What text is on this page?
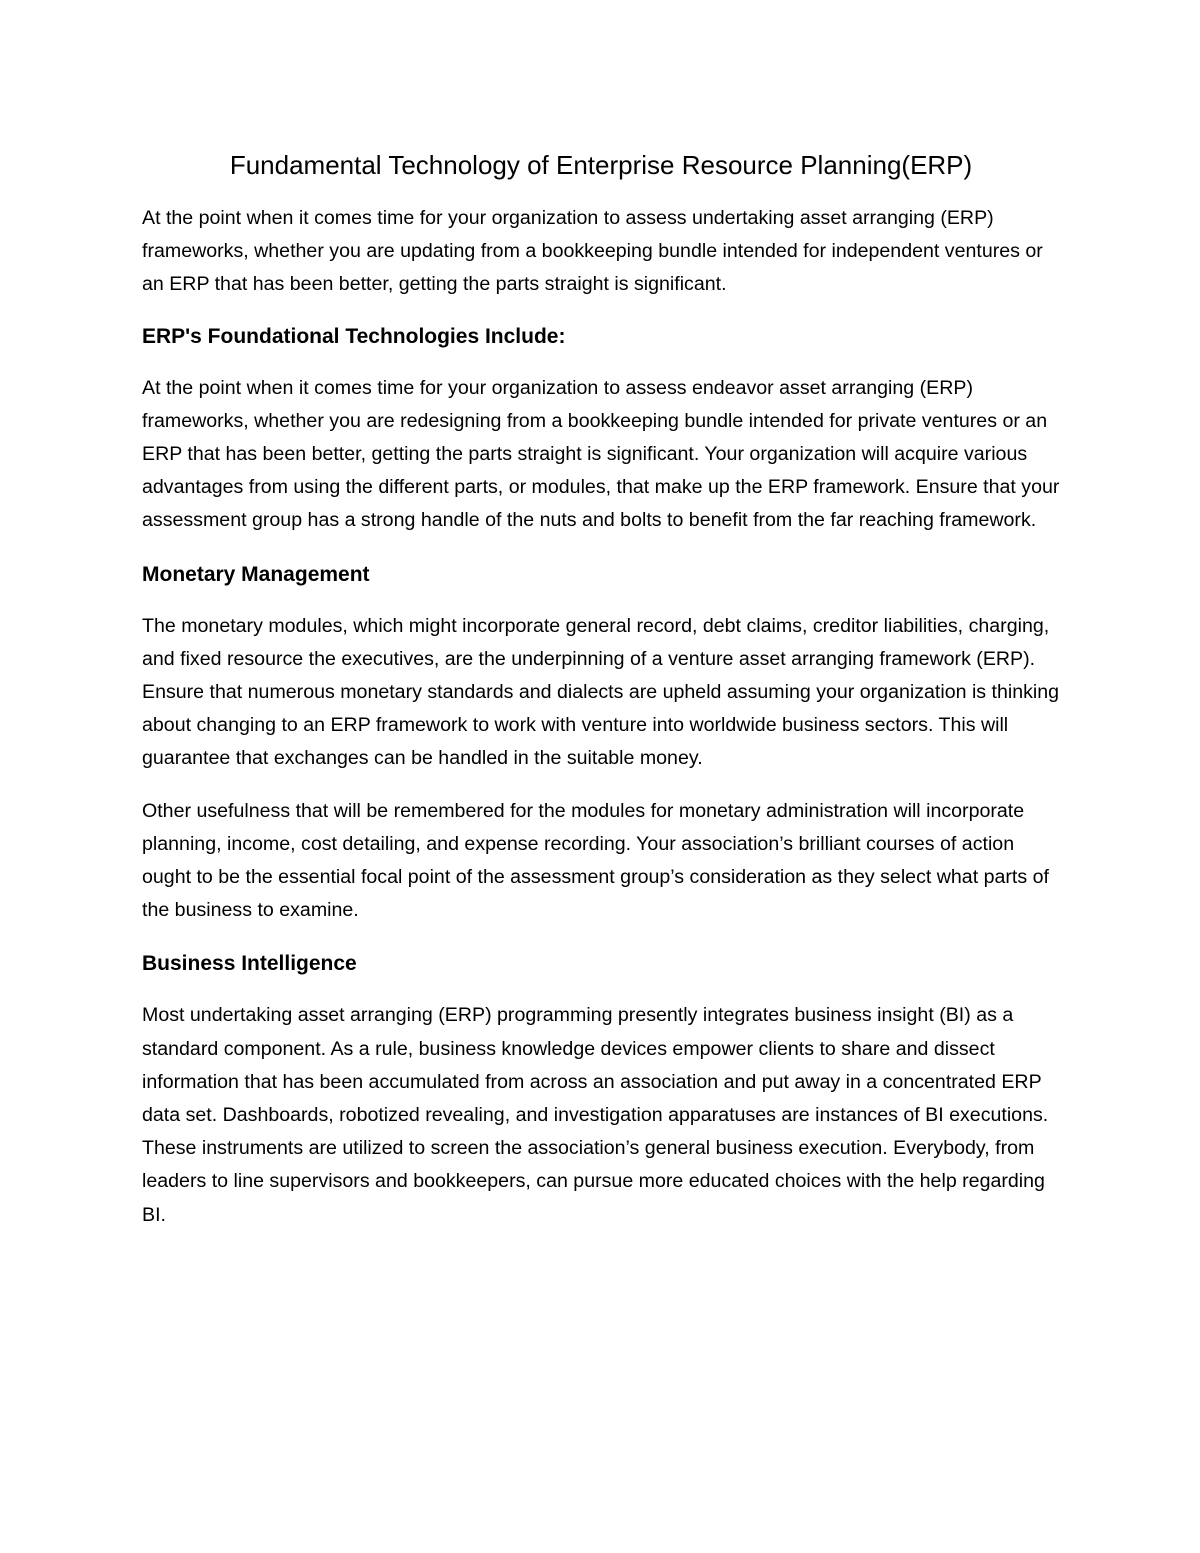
Fundamental Technology of Enterprise Resource Planning(ERP)

At the point when it comes time for your organization to assess undertaking asset arranging (ERP) frameworks, whether you are updating from a bookkeeping bundle intended for independent ventures or an ERP that has been better, getting the parts straight is significant.

ERP's Foundational Technologies Include:

At the point when it comes time for your organization to assess endeavor asset arranging (ERP) frameworks, whether you are redesigning from a bookkeeping bundle intended for private ventures or an ERP that has been better, getting the parts straight is significant. Your organization will acquire various advantages from using the different parts, or modules, that make up the ERP framework. Ensure that your assessment group has a strong handle of the nuts and bolts to benefit from the far reaching framework.

Monetary Management

The monetary modules, which might incorporate general record, debt claims, creditor liabilities, charging, and fixed resource the executives, are the underpinning of a venture asset arranging framework (ERP). Ensure that numerous monetary standards and dialects are upheld assuming your organization is thinking about changing to an ERP framework to work with venture into worldwide business sectors. This will guarantee that exchanges can be handled in the suitable money.

Other usefulness that will be remembered for the modules for monetary administration will incorporate planning, income, cost detailing, and expense recording. Your association’s brilliant courses of action ought to be the essential focal point of the assessment group’s consideration as they select what parts of the business to examine.

Business Intelligence

Most undertaking asset arranging (ERP) programming presently integrates business insight (BI) as a standard component. As a rule, business knowledge devices empower clients to share and dissect information that has been accumulated from across an association and put away in a concentrated ERP data set. Dashboards, robotized revealing, and investigation apparatuses are instances of BI executions. These instruments are utilized to screen the association’s general business execution. Everybody, from leaders to line supervisors and bookkeepers, can pursue more educated choices with the help regarding BI.
